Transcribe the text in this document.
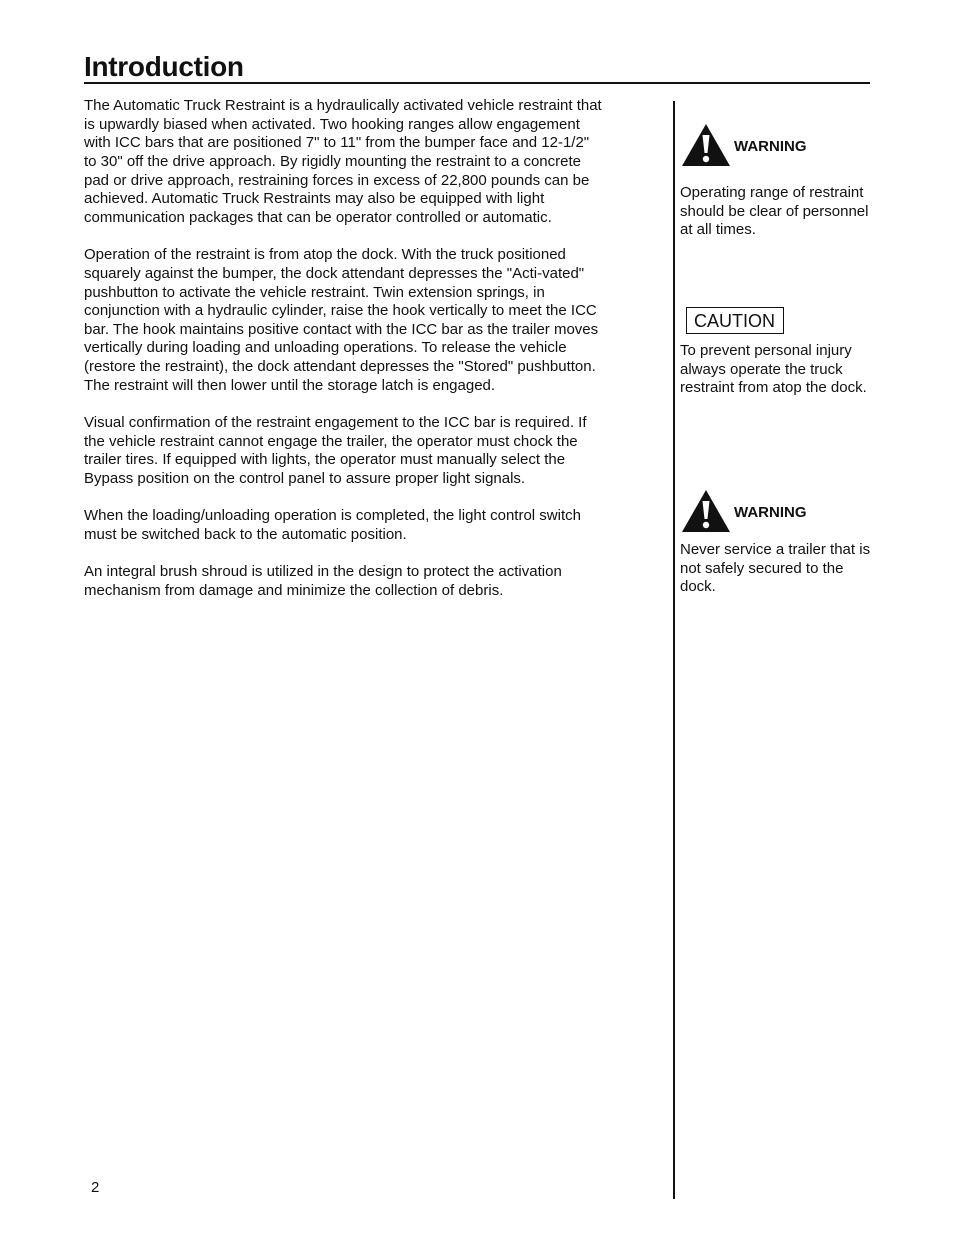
Introduction

The Automatic Truck Restraint is a hydraulically activated vehicle restraint that is upwardly biased when activated. Two hooking ranges allow engagement with ICC bars that are positioned 7" to 11" from the bumper face and 12-1/2" to 30" off the drive approach. By rigidly mounting the restraint to a concrete pad or drive approach, restraining forces in excess of 22,800 pounds can be achieved. Automatic Truck Restraints may also be equipped with light communication packages that can be operator controlled or automatic.

Operation of the restraint is from atop the dock. With the truck positioned squarely against the bumper, the dock attendant depresses the "Acti-vated" pushbutton to activate the vehicle restraint. Twin extension springs, in conjunction with a hydraulic cylinder, raise the hook vertically to meet the ICC bar. The hook maintains positive contact with the ICC bar as the trailer moves vertically during loading and unloading operations. To release the vehicle (restore the restraint), the dock attendant depresses the "Stored" pushbutton. The restraint will then lower until the storage latch is engaged.

Visual confirmation of the restraint engagement to the ICC bar is required. If the vehicle restraint cannot engage the trailer, the operator must chock the trailer tires. If equipped with lights, the operator must manually select the Bypass position on the control panel to assure proper light signals.

When the loading/unloading operation is completed, the light control switch must be switched back to the automatic position.

An integral brush shroud is utilized in the design to protect the activation mechanism from damage and minimize the collection of debris.

WARNING

Operating range of restraint should be clear of personnel at all times.

CAUTION

To prevent personal injury always operate the truck restraint from atop the dock.

WARNING

Never service a trailer that is not safely secured to the dock.

2
